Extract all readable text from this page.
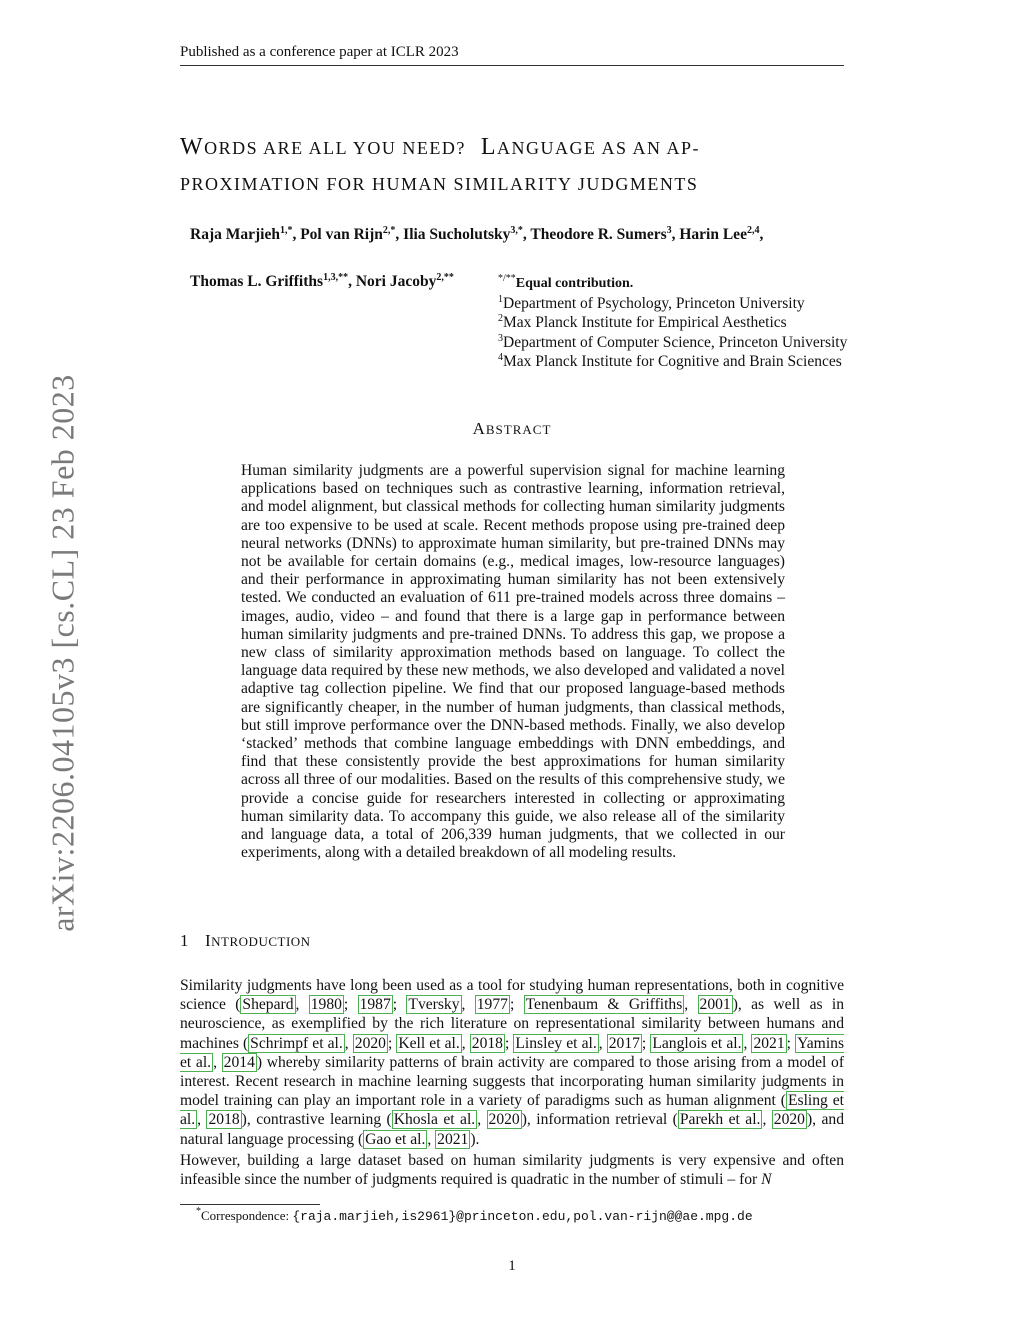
Published as a conference paper at ICLR 2023
WORDS ARE ALL YOU NEED? LANGUAGE AS AN AP-
PROXIMATION FOR HUMAN SIMILARITY JUDGMENTS
Raja Marjieh$^{1,*}$, Pol van Rijn$^{2,*}$, Ilia Sucholutsky$^{3,*}$, Theodore R. Sumers$^3$, Harin Lee$^{2,4}$,
Thomas L. Griffiths$^{1,3,**}$, Nori Jacoby$^{2,**}$	*/**Equal contribution.
$^1$Department of Psychology, Princeton University
$^2$Max Planck Institute for Empirical Aesthetics
$^3$Department of Computer Science, Princeton University
$^4$Max Planck Institute for Cognitive and Brain Sciences
arXiv:2206.04105v3 [cs.CL] 23 Feb 2023	ABSTRACT
Human similarity judgments are a powerful supervision signal for machine learning applications based on techniques such as contrastive learning, information retrieval, and model alignment, but classical methods for collecting human similarity judgments are too expensive to be used at scale. Recent methods propose using pre-trained deep neural networks (DNNs) to approximate human similarity, but pre-trained DNNs may not be available for certain domains (e.g., medical images, low-resource languages) and their performance in approximating human similarity has not been extensively tested. We conducted an evaluation of 611 pre-trained models across three domains – images, audio, video – and found that there is a large gap in performance between human similarity judgments and pre-trained DNNs. To address this gap, we propose a new class of similarity approximation methods based on language. To collect the language data required by these new methods, we also developed and validated a novel adaptive tag collection pipeline. We find that our proposed language-based methods are significantly cheaper, in the number of human judgments, than classical methods, but still improve performance over the DNN-based methods. Finally, we also develop ‘stacked’ methods that combine language embeddings with DNN embeddings, and find that these consistently provide the best approximations for human similarity across all three of our modalities. Based on the results of this comprehensive study, we provide a concise guide for researchers interested in collecting or approximating human similarity data. To accompany this guide, we also release all of the similarity and language data, a total of 206,339 human judgments, that we collected in our experiments, along with a detailed breakdown of all modeling results.
1 INTRODUCTION
Similarity judgments have long been used as a tool for studying human representations, both in cognitive science ( Shepard , 1980 ; 1987 ; Tversky , 1977 ; Tenenbaum & Griffiths , 2001 ), as well as in neuroscience, as exemplified by the rich literature on representational similarity between humans and machines ( Schrimpf et al. , 2020 ; Kell et al. , 2018 ; Linsley et al. , 2017 ; Langlois et al. , 2021 ; Yamins et al. , 2014 ) whereby similarity patterns of brain activity are compared to those arising from a model of interest. Recent research in machine learning suggests that incorporating human similarity judgments in model training can play an important role in a variety of paradigms such as human alignment ( Esling et al. , 2018 ), contrastive learning ( Khosla et al. , 2020 ), information retrieval ( Parekh et al. , 2020 ), and natural language processing ( Gao et al. , 2021 ).
However, building a large dataset based on human similarity judgments is very expensive and often infeasible since the number of judgments required is quadratic in the number of stimuli – for N
*Correspondence: {raja.marjieh,is2961}@princeton.edu,pol.van-rijn@@ae.mpg.de
1
